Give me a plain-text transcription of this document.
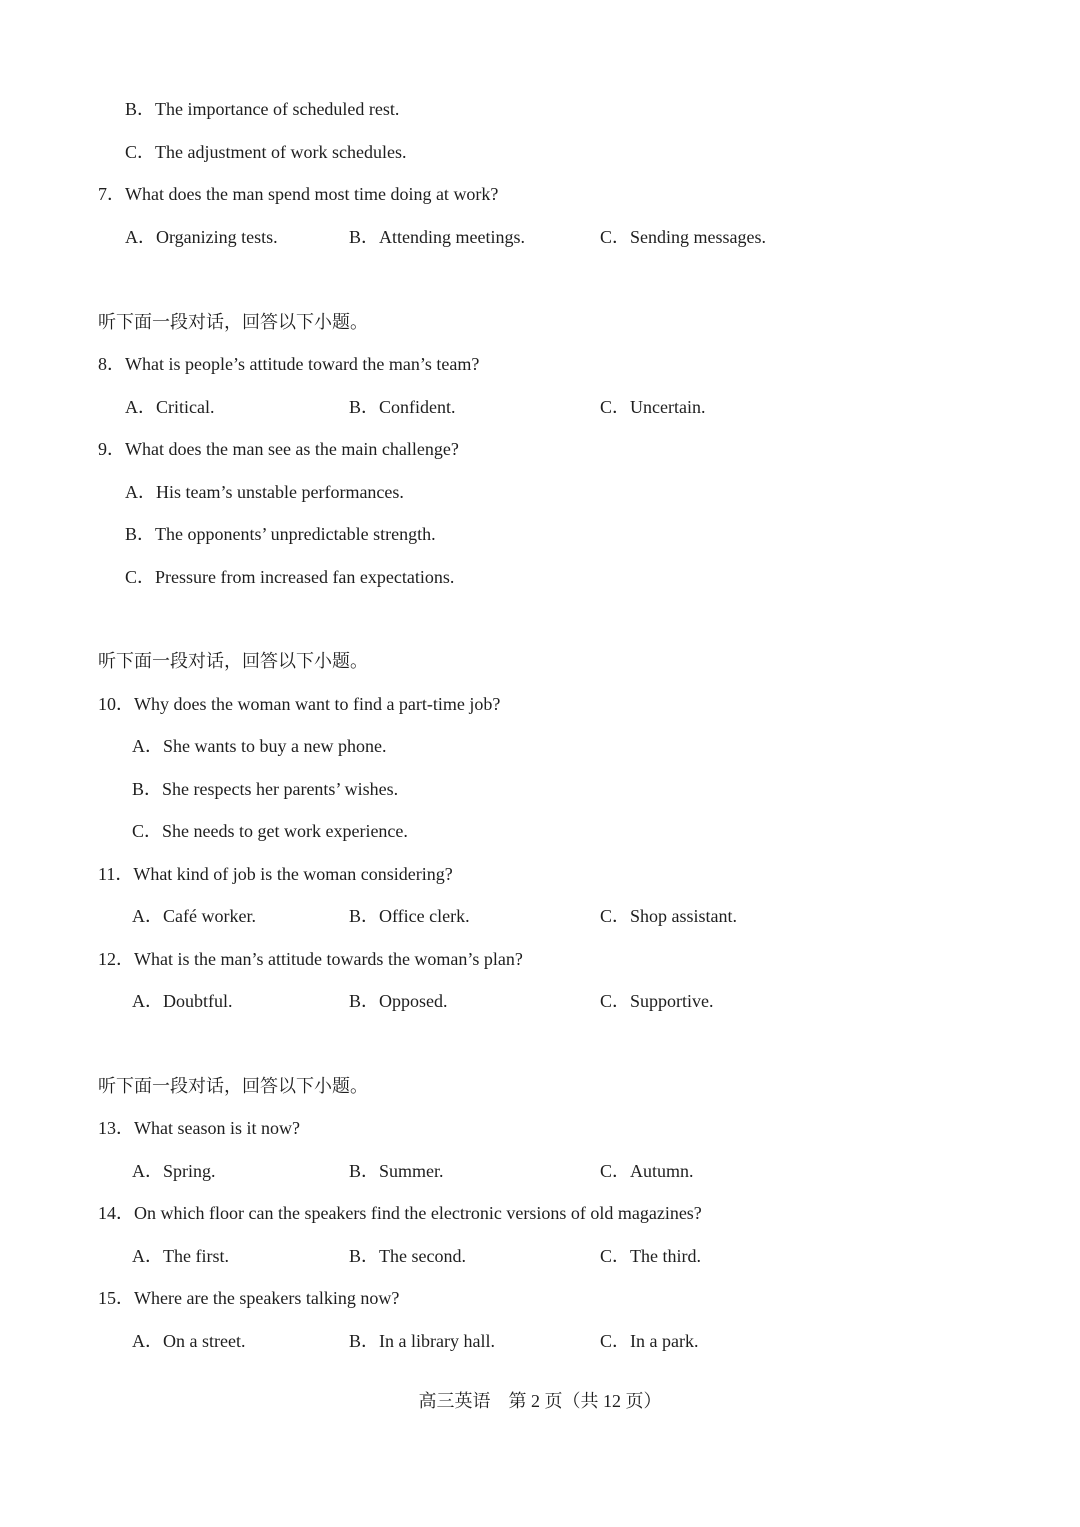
B．The importance of scheduled rest.
C．The adjustment of work schedules.
7．What does the man spend most time doing at work?
A．Organizing tests.	B．Attending meetings.	C．Sending messages.
听下面一段对话，回答以下小题。
8．What is people’s attitude toward the man’s team?
A．Critical.	B．Confident.	C．Uncertain.
9．What does the man see as the main challenge?
A．His team’s unstable performances.
B．The opponents’ unpredictable strength.
C．Pressure from increased fan expectations.
听下面一段对话，回答以下小题。
10．Why does the woman want to find a part-time job?
A．She wants to buy a new phone.
B．She respects her parents’ wishes.
C．She needs to get work experience.
11．What kind of job is the woman considering?
A．Café worker.	B．Office clerk.	C．Shop assistant.
12．What is the man’s attitude towards the woman’s plan?
A．Doubtful.	B．Opposed.	C．Supportive.
听下面一段对话，回答以下小题。
13．What season is it now?
A．Spring.	B．Summer.	C．Autumn.
14．On which floor can the speakers find the electronic versions of old magazines?
A．The first.	B．The second.	C．The third.
15．Where are the speakers talking now?
A．On a street.	B．In a library hall.	C．In a park.
高三英语　第 2 页（共 12 页）
